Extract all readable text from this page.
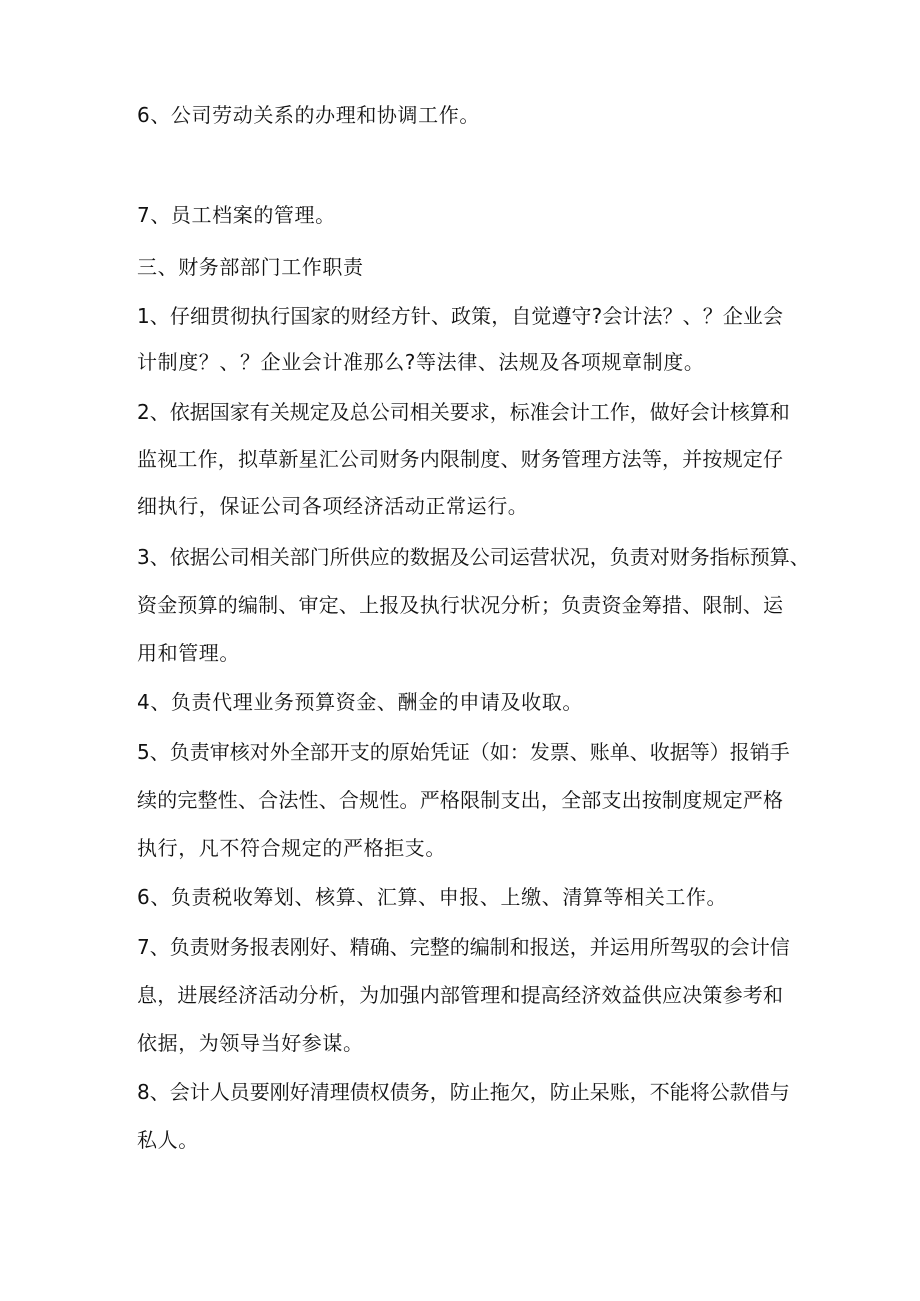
6、公司劳动关系的办理和协调工作。
7、员工档案的管理。
三、财务部部门工作职责
1、仔细贯彻执行国家的财经方针、政策，自觉遵守?会计法？、？企业会
计制度？、？企业会计准那么?等法律、法规及各项规章制度。
2、依据国家有关规定及总公司相关要求，标准会计工作，做好会计核算和
监视工作，拟草新星汇公司财务内限制度、财务管理方法等，并按规定仔
细执行，保证公司各项经济活动正常运行。
3、依据公司相关部门所供应的数据及公司运营状况，负责对财务指标预算、
资金预算的编制、审定、上报及执行状况分析；负责资金筹措、限制、运
用和管理。
4、负责代理业务预算资金、酬金的申请及收取。
5、负责审核对外全部开支的原始凭证（如：发票、账单、收据等）报销手
续的完整性、合法性、合规性。严格限制支出，全部支出按制度规定严格
执行，凡不符合规定的严格拒支。
6、负责税收筹划、核算、汇算、申报、上缴、清算等相关工作。
7、负责财务报表刚好、精确、完整的编制和报送，并运用所驾驭的会计信
息，进展经济活动分析，为加强内部管理和提高经济效益供应决策参考和
依据，为领导当好参谋。
8、会计人员要刚好清理债权债务，防止拖欠，防止呆账，不能将公款借与
私人。
